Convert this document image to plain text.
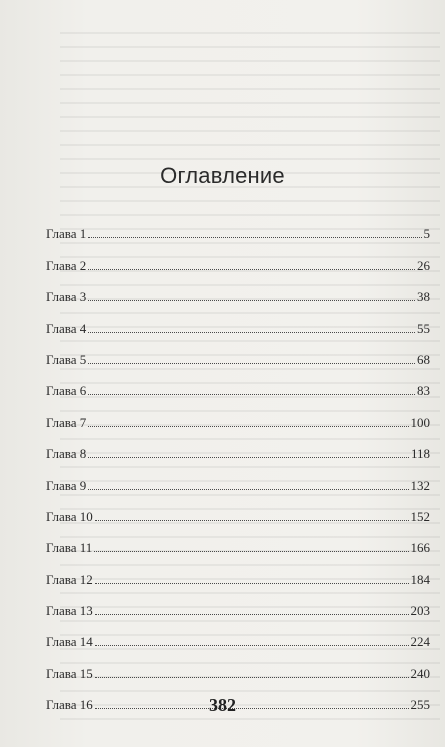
Оглавление
Глава 1	5
Глава 2	26
Глава 3	38
Глава 4	55
Глава 5	68
Глава 6	83
Глава 7	100
Глава 8	118
Глава 9	132
Глава 10	152
Глава 11	166
Глава 12	184
Глава 13	203
Глава 14	224
Глава 15	240
Глава 16	255
382
